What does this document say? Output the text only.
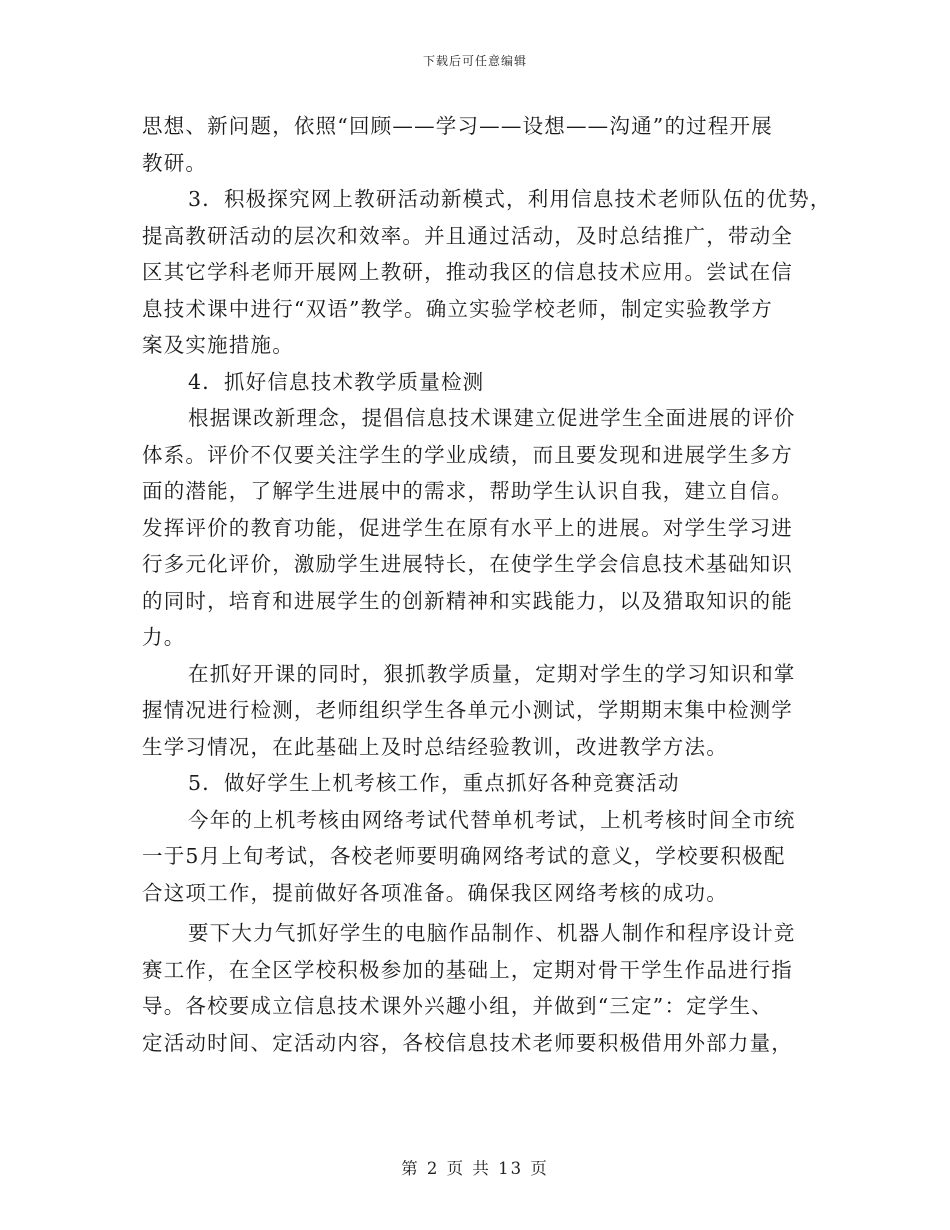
下载后可任意编辑
思想、新问题，依照“回顾——学习——设想——沟通”的过程开展
教研。
3．积极探究网上教研活动新模式，利用信息技术老师队伍的优势，
提高教研活动的层次和效率。并且通过活动，及时总结推广，带动全
区其它学科老师开展网上教研，推动我区的信息技术应用。尝试在信
息技术课中进行“双语”教学。确立实验学校老师，制定实验教学方
案及实施措施。
4．抓好信息技术教学质量检测
根据课改新理念，提倡信息技术课建立促进学生全面进展的评价
体系。评价不仅要关注学生的学业成绩，而且要发现和进展学生多方
面的潜能，了解学生进展中的需求，帮助学生认识自我，建立自信。
发挥评价的教育功能，促进学生在原有水平上的进展。对学生学习进
行多元化评价，激励学生进展特长，在使学生学会信息技术基础知识
的同时，培育和进展学生的创新精神和实践能力，以及猎取知识的能
力。
在抓好开课的同时，狠抓教学质量，定期对学生的学习知识和掌
握情况进行检测，老师组织学生各单元小测试，学期期末集中检测学
生学习情况，在此基础上及时总结经验教训，改进教学方法。
5．做好学生上机考核工作，重点抓好各种竞赛活动
今年的上机考核由网络考试代替单机考试，上机考核时间全市统
一于5月上旬考试，各校老师要明确网络考试的意义，学校要积极配
合这项工作，提前做好各项准备。确保我区网络考核的成功。
要下大力气抓好学生的电脑作品制作、机器人制作和程序设计竞
赛工作，在全区学校积极参加的基础上，定期对骨干学生作品进行指
导。各校要成立信息技术课外兴趣小组，并做到“三定”：定学生、
定活动时间、定活动内容，各校信息技术老师要积极借用外部力量，
第 2 页 共 13 页
